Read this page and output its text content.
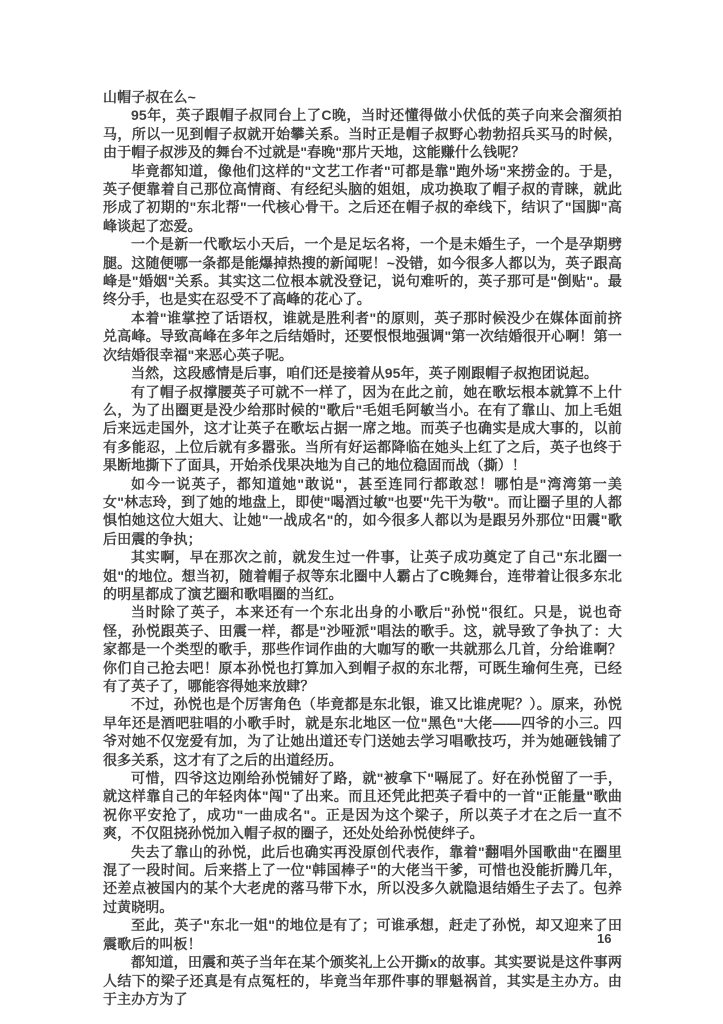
山帽子叔在么~

95年，英子跟帽子叔同台上了C晚，当时还懂得做小伏低的英子向来会溜须拍马，所以一见到帽子叔就开始攀关系。当时正是帽子叔野心勃勃招兵买马的时候，由于帽子叔涉及的舞台不过就是"春晚"那片天地，这能赚什么钱呢？

毕竟都知道，像他们这样的"文艺工作者"可都是靠"跑外场"来捞金的。于是，英子便靠着自己那位高情商、有经纪头脑的姐姐，成功换取了帽子叔的青睐，就此形成了初期的"东北帮"一代核心骨干。之后还在帽子叔的牵线下，结识了"国脚"高峰谈起了恋爱。

一个是新一代歌坛小天后，一个是足坛名将，一个是未婚生子，一个是孕期劈腿。这随便哪一条都是能爆掉热搜的新闻呢！~没错，如今很多人都以为，英子跟高峰是"婚姻"关系。其实这二位根本就没登记，说句难听的，英子那可是"倒贴"。最终分手，也是实在忍受不了高峰的花心了。

本着"谁掌控了话语权，谁就是胜利者"的原则，英子那时候没少在媒体面前挤兑高峰。导致高峰在多年之后结婚时，还要恨恨地强调"第一次结婚很开心啊！第一次结婚很幸福"来恶心英子呢。

当然，这段感情是后事，咱们还是接着从95年，英子刚跟帽子叔抱团说起。

有了帽子叔撑腰英子可就不一样了，因为在此之前，她在歌坛根本就算不上什么，为了出圈更是没少给那时候的"歌后"毛姐毛阿敏当小。在有了靠山、加上毛姐后来远走国外，这才让英子在歌坛占据一席之地。而英子也确实是成大事的，以前有多能忍，上位后就有多嚣张。当所有好运都降临在她头上红了之后，英子也终于果断地撕下了面具，开始杀伐果决地为自己的地位稳固而战（撕）！

如今一说英子，都知道她"敢说"，甚至连同行都敢怼！哪怕是"湾湾第一美女"林志玲，到了她的地盘上，即使"喝酒过敏"也要"先干为敬"。而让圈子里的人都惧怕她这位大姐大、让她"一战成名"的，如今很多人都以为是跟另外那位"田震"歌后田震的争执；

其实啊，早在那次之前，就发生过一件事，让英子成功奠定了自己"东北圈一姐"的地位。想当初，随着帽子叔等东北圈中人霸占了C晚舞台，连带着让很多东北的明星都成了演艺圈和歌唱圈的当红。

当时除了英子，本来还有一个东北出身的小歌后"孙悦"很红。只是，说也奇怪，孙悦跟英子、田震一样，都是"沙哑派"唱法的歌手。这，就导致了争执了：大家都是一个类型的歌手，那些作词作曲的大咖写的歌一共就那么几首，分给谁啊？你们自己抢去吧！原本孙悦也打算加入到帽子叔的东北帮，可既生瑜何生亮，已经有了英子了，哪能容得她来放肆？

不过，孙悦也是个厉害角色（毕竟都是东北银，谁又比谁虎呢？）。原来，孙悦早年还是酒吧驻唱的小歌手时，就是东北地区一位"黑色"大佬——四爷的小三。四爷对她不仅宠爱有加，为了让她出道还专门送她去学习唱歌技巧，并为她砸钱铺了很多关系，这才有了之后的出道经历。

可惜，四爷这边刚给孙悦铺好了路，就"被拿下"嗝屁了。好在孙悦留了一手，就这样靠自己的年轻肉体"闯"了出来。而且还凭此把英子看中的一首"正能量"歌曲祝你平安抢了，成功"一曲成名"。正是因为这个梁子，所以英子才在之后一直不爽，不仅阻挠孙悦加入帽子叔的圈子，还处处给孙悦使绊子。

失去了靠山的孙悦，此后也确实再没原创代表作，靠着"翻唱外国歌曲"在圈里混了一段时间。后来搭上了一位"韩国棒子"的大佬当干爹，可惜也没能折腾几年，还差点被国内的某个大老虎的落马带下水，所以没多久就隐退结婚生子去了。包养过黄晓明。

至此，英子"东北一姐"的地位是有了；可谁承想，赶走了孙悦，却又迎来了田震歌后的叫板！

都知道，田震和英子当年在某个颁奖礼上公开撕x的故事。其实要说是这件事两人结下的梁子还真是有点冤枉的，毕竟当年那件事的罪魁祸首，其实是主办方。由于主办方为了

16
